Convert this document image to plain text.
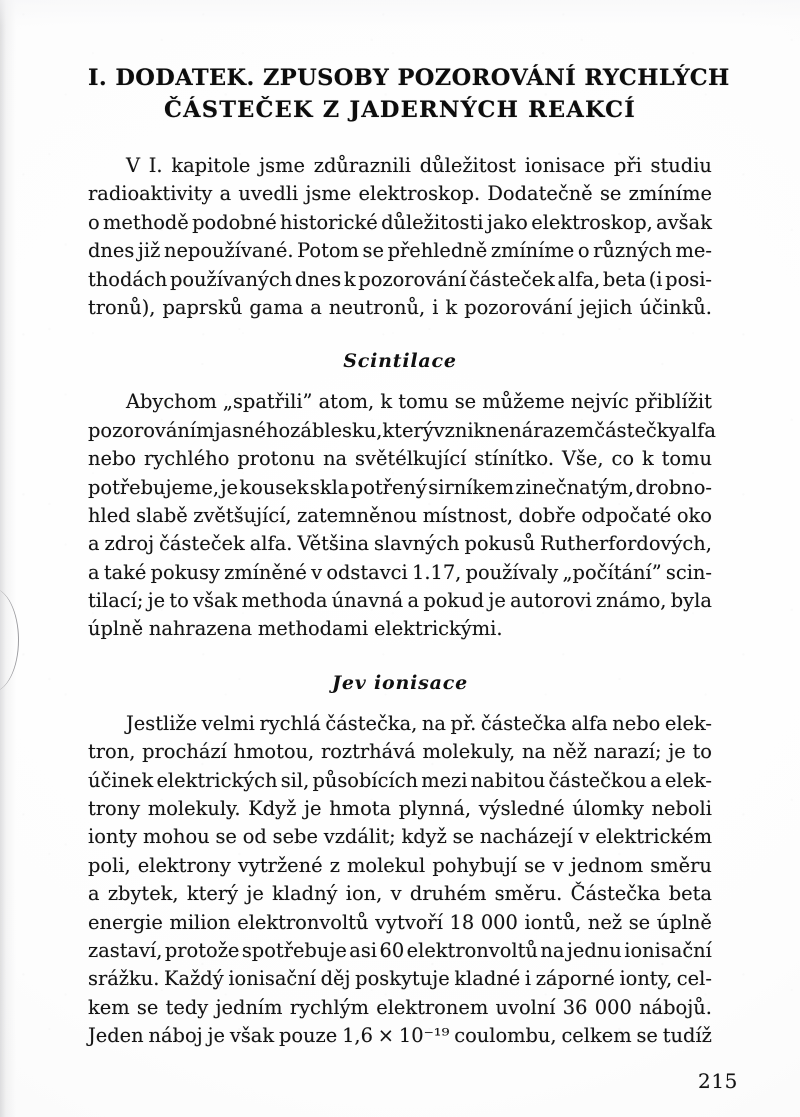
I. DODATEK. ZPUSOBY POZOROVÁNÍ RYCHLÝCH
ČÁSTEČEK Z JADERNÝCH REAKCÍ

V I. kapitole jsme zdůraznili důležitost ionisace při studiu
radioaktivity a uvedli jsme elektroskop. Dodatečně se zmíníme
o methodě podobné historické důležitosti jako elektroskop, avšak
dnes již nepoužívané. Potom se přehledně zmíníme o různých me-
thodách používaných dnes k pozorování částeček alfa, beta (i posi-
tronů), paprsků gama a neutronů, i k pozorování jejich účinků.

Scintilace

Abychom „spatřili” atom, k tomu se můžeme nejvíc přiblížit
pozorováním jasného záblesku, který vznikne nárazem částečky alfa
nebo rychlého protonu na světélkující stínítko. Vše, co k tomu
potřebujeme, je kousek skla potřený sirníkem zinečnatým, drobno-
hled slabě zvětšující, zatemněnou místnost, dobře odpočaté oko
a zdroj částeček alfa. Většina slavných pokusů Rutherfordových,
a také pokusy zmíněné v odstavci 1.17, používaly „počítání” scin-
tilací; je to však methoda únavná a pokud je autorovi známo, byla
úplně nahrazena methodami elektrickými.

Jev ionisace

Jestliže velmi rychlá částečka, na př. částečka alfa nebo elek-
tron, prochází hmotou, roztrhává molekuly, na něž narazí; je to
účinek elektrických sil, působících mezi nabitou částečkou a elek-
trony molekuly. Když je hmota plynná, výsledné úlomky neboli
ionty mohou se od sebe vzdálit; když se nacházejí v elektrickém
poli, elektrony vytržené z molekul pohybují se v jednom směru
a zbytek, který je kladný ion, v druhém směru. Částečka beta
energie milion elektronvoltů vytvoří 18 000 iontů, než se úplně
zastaví, protože spotřebuje asi 60 elektronvoltů na jednu ionisační
srážku. Každý ionisační děj poskytuje kladné i záporné ionty, cel-
kem se tedy jedním rychlým elektronem uvolní 36 000 nábojů.
Jeden náboj je však pouze 1,6 × 10⁻¹⁹ coulombu, celkem se tudíž

215
